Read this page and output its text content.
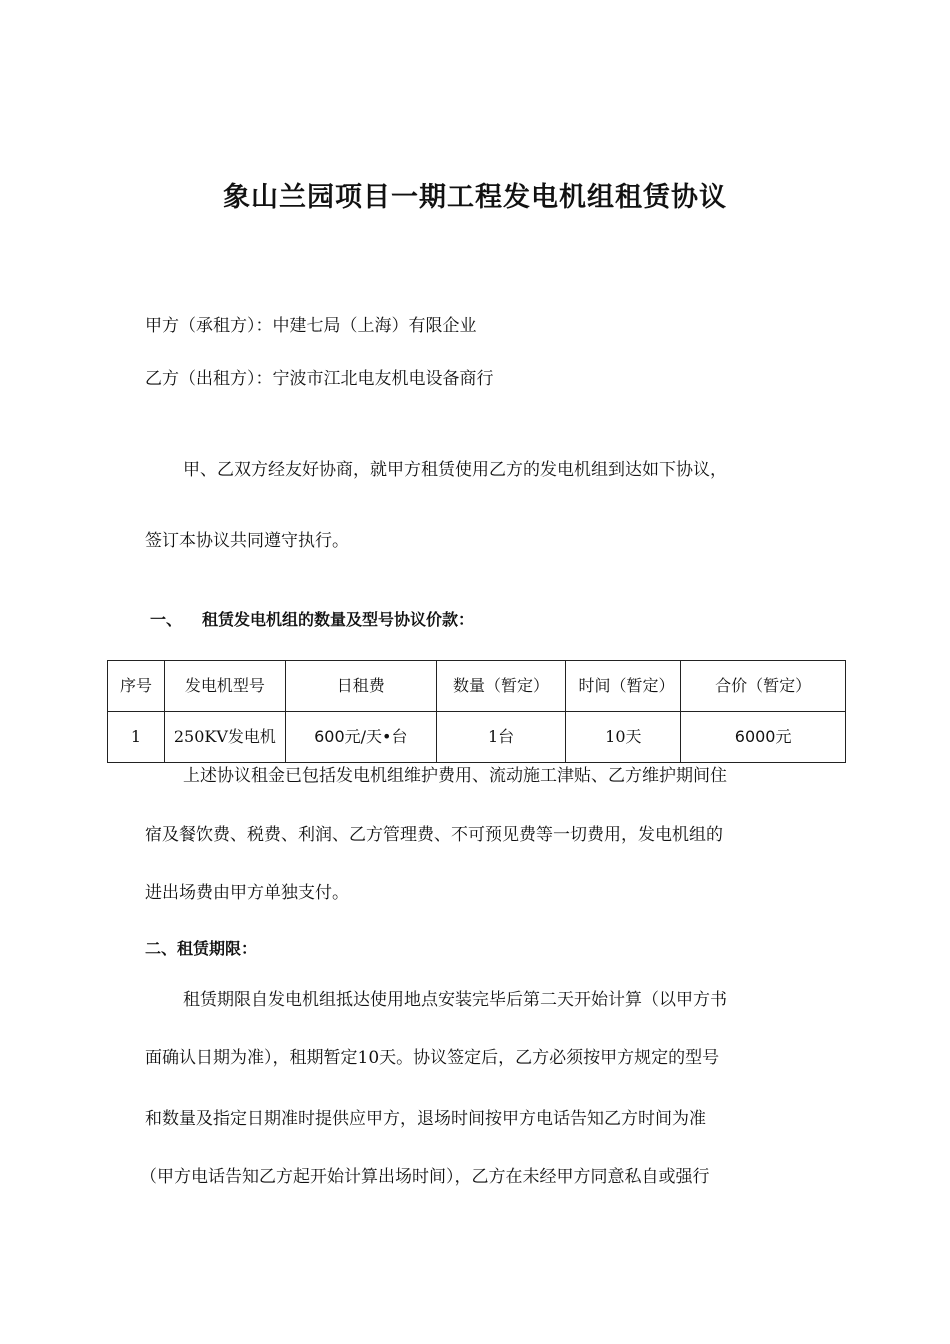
象山兰园项目一期工程发电机组租赁协议
甲方（承租方）：中建七局（上海）有限企业
乙方（出租方）：宁波市江北电友机电设备商行
甲、乙双方经友好协商，就甲方租赁使用乙方的发电机组到达如下协议，
签订本协议共同遵守执行。
一、 租赁发电机组的数量及型号协议价款：
序号	发电机型号	日租费	数量（暂定）	时间（暂定）	合价（暂定）
1	250KV发电机	600元/天•台	1台	10天	6000元
上述协议租金已包括发电机组维护费用、流动施工津贴、乙方维护期间住
宿及餐饮费、税费、利润、乙方管理费、不可预见费等一切费用，发电机组的
进出场费由甲方单独支付。
二、租赁期限：
租赁期限自发电机组抵达使用地点安装完毕后第二天开始计算（以甲方书
面确认日期为准），租期暂定10天。协议签定后，乙方必须按甲方规定的型号
和数量及指定日期准时提供应甲方，退场时间按甲方电话告知乙方时间为准
（甲方电话告知乙方起开始计算出场时间），乙方在未经甲方同意私自或强行
